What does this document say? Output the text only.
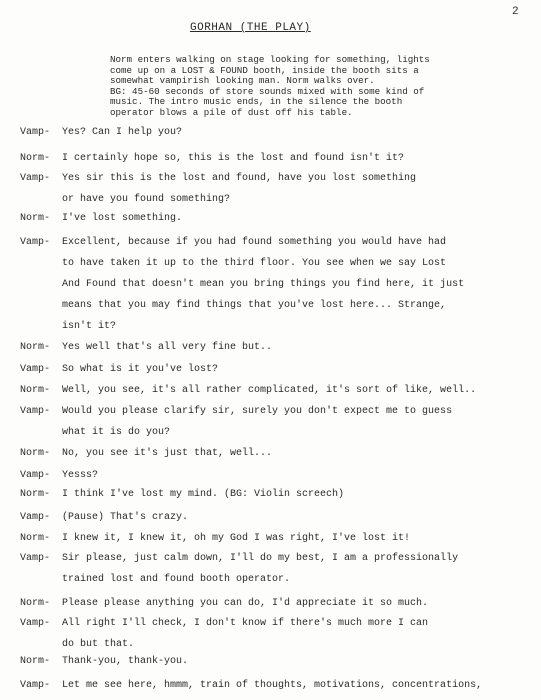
2
GORHAN (THE PLAY)
Norm enters walking on stage looking for something, lights
come up on a LOST & FOUND booth, inside the booth sits a
somewhat vampirish looking man. Norm walks over.
BG: 45-60 seconds of store sounds mixed with some kind of
music. The intro music ends, in the silence the booth
operator blows a pile of dust off his table.
Vamp- Yes? Can I help you?
Norm- I certainly hope so, this is the lost and found isn't it?
Vamp- Yes sir this is the lost and found, have you lost something
or have you found something?
Norm- I've lost something.
Vamp- Excellent, because if you had found something you would have had
to have taken it up to the third floor. You see when we say Lost
And Found that doesn't mean you bring things you find here, it just
means that you may find things that you've lost here... Strange,
isn't it?
Norm- Yes well that's all very fine but..
Vamp- So what is it you've lost?
Norm- Well, you see, it's all rather complicated, it's sort of like, well..
Vamp- Would you please clarify sir, surely you don't expect me to guess
what it is do you?
Norm- No, you see it's just that, well...
Vamp- Yesss?
Norm- I think I've lost my mind. (BG: Violin screech)
Vamp- (Pause) That's crazy.
Norm- I knew it, I knew it, oh my God I was right, I've lost it!
Vamp- Sir please, just calm down, I'll do my best, I am a professionally
trained lost and found booth operator.
Norm- Please please anything you can do, I'd appreciate it so much.
Vamp- All right I'll check, I don't know if there's much more I can
do but that.
Norm- Thank-you, thank-you.
Vamp- Let me see here, hmmm, train of thoughts, motivations, concentrations,
